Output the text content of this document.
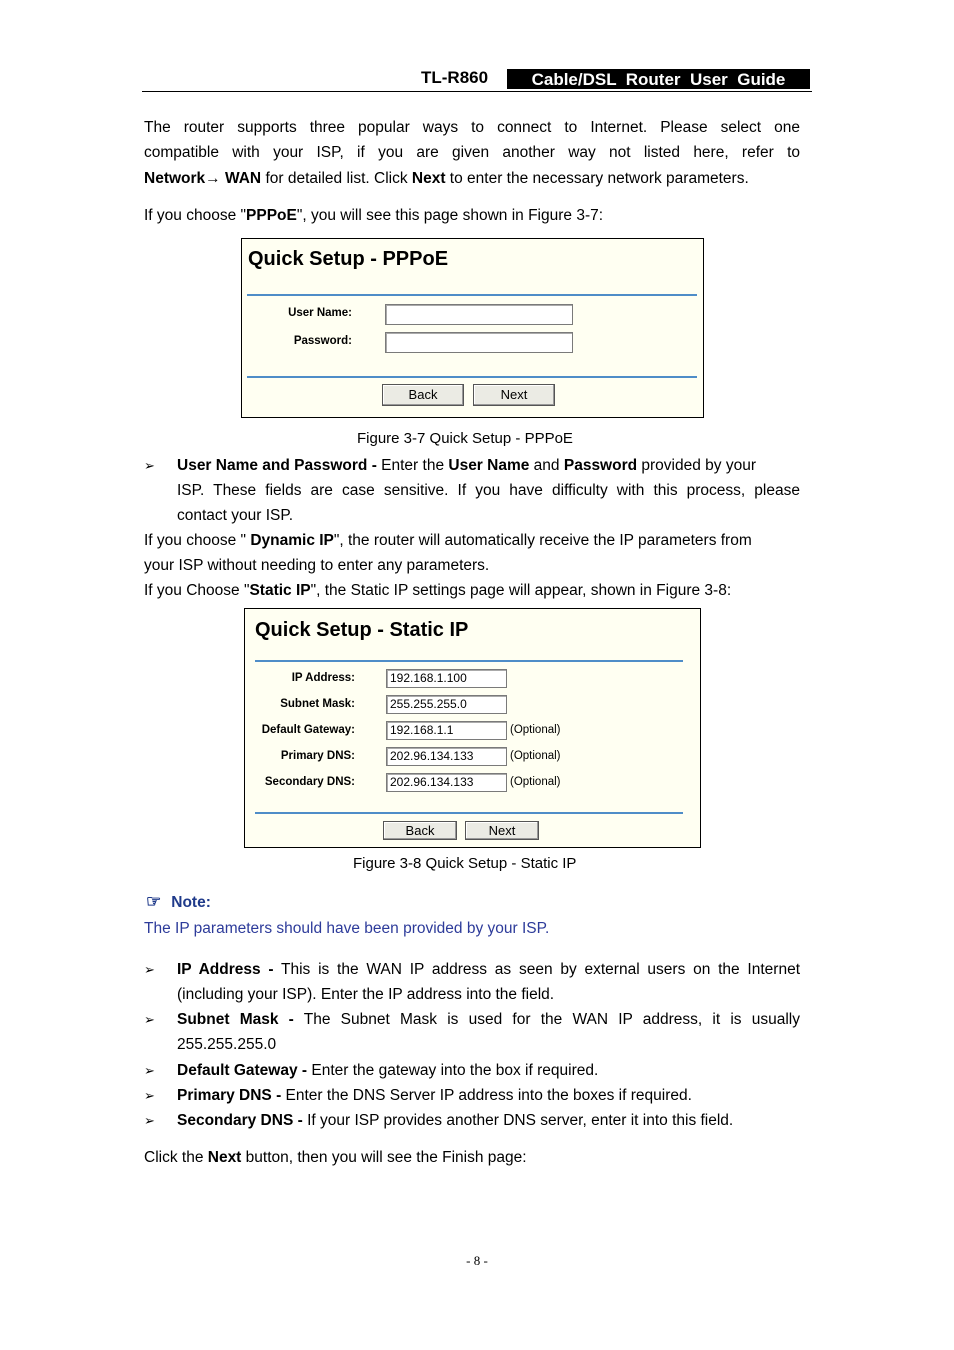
TL-R860	Cable/DSL  Router  User  Guide
The router supports three popular ways to connect to Internet. Please select one
compatible with your ISP, if you are given another way not listed here, refer to
Network→ WAN for detailed list. Click Next to enter the necessary network parameters.
If you choose "PPPoE", you will see this page shown in Figure 3-7:
Quick Setup - PPPoE
User Name:
Password:
Back	Next
Figure 3-7 Quick Setup - PPPoE
➢ User Name and Password - Enter the User Name and Password provided by your
ISP. These fields are case sensitive. If you have difficulty with this process, please
contact your ISP.
If you choose " Dynamic IP", the router will automatically receive the IP parameters from
your ISP without needing to enter any parameters.
If you Choose "Static IP", the Static IP settings page will appear, shown in Figure 3-8:
Quick Setup - Static IP
IP Address:	192.168.1.100
Subnet Mask:	255.255.255.0
Default Gateway:	192.168.1.1	(Optional)
Primary DNS:	202.96.134.133	(Optional)
Secondary DNS:	202.96.134.133	(Optional)
Back	Next
Figure 3-8 Quick Setup - Static IP
☞ Note:
The IP parameters should have been provided by your ISP.
➢ IP Address - This is the WAN IP address as seen by external users on the Internet
(including your ISP). Enter the IP address into the field.
➢ Subnet Mask - The Subnet Mask is used for the WAN IP address, it is usually
255.255.255.0
➢ Default Gateway - Enter the gateway into the box if required.
➢ Primary DNS - Enter the DNS Server IP address into the boxes if required.
➢ Secondary DNS - If your ISP provides another DNS server, enter it into this field.
Click the Next button, then you will see the Finish page:
- 8 -
